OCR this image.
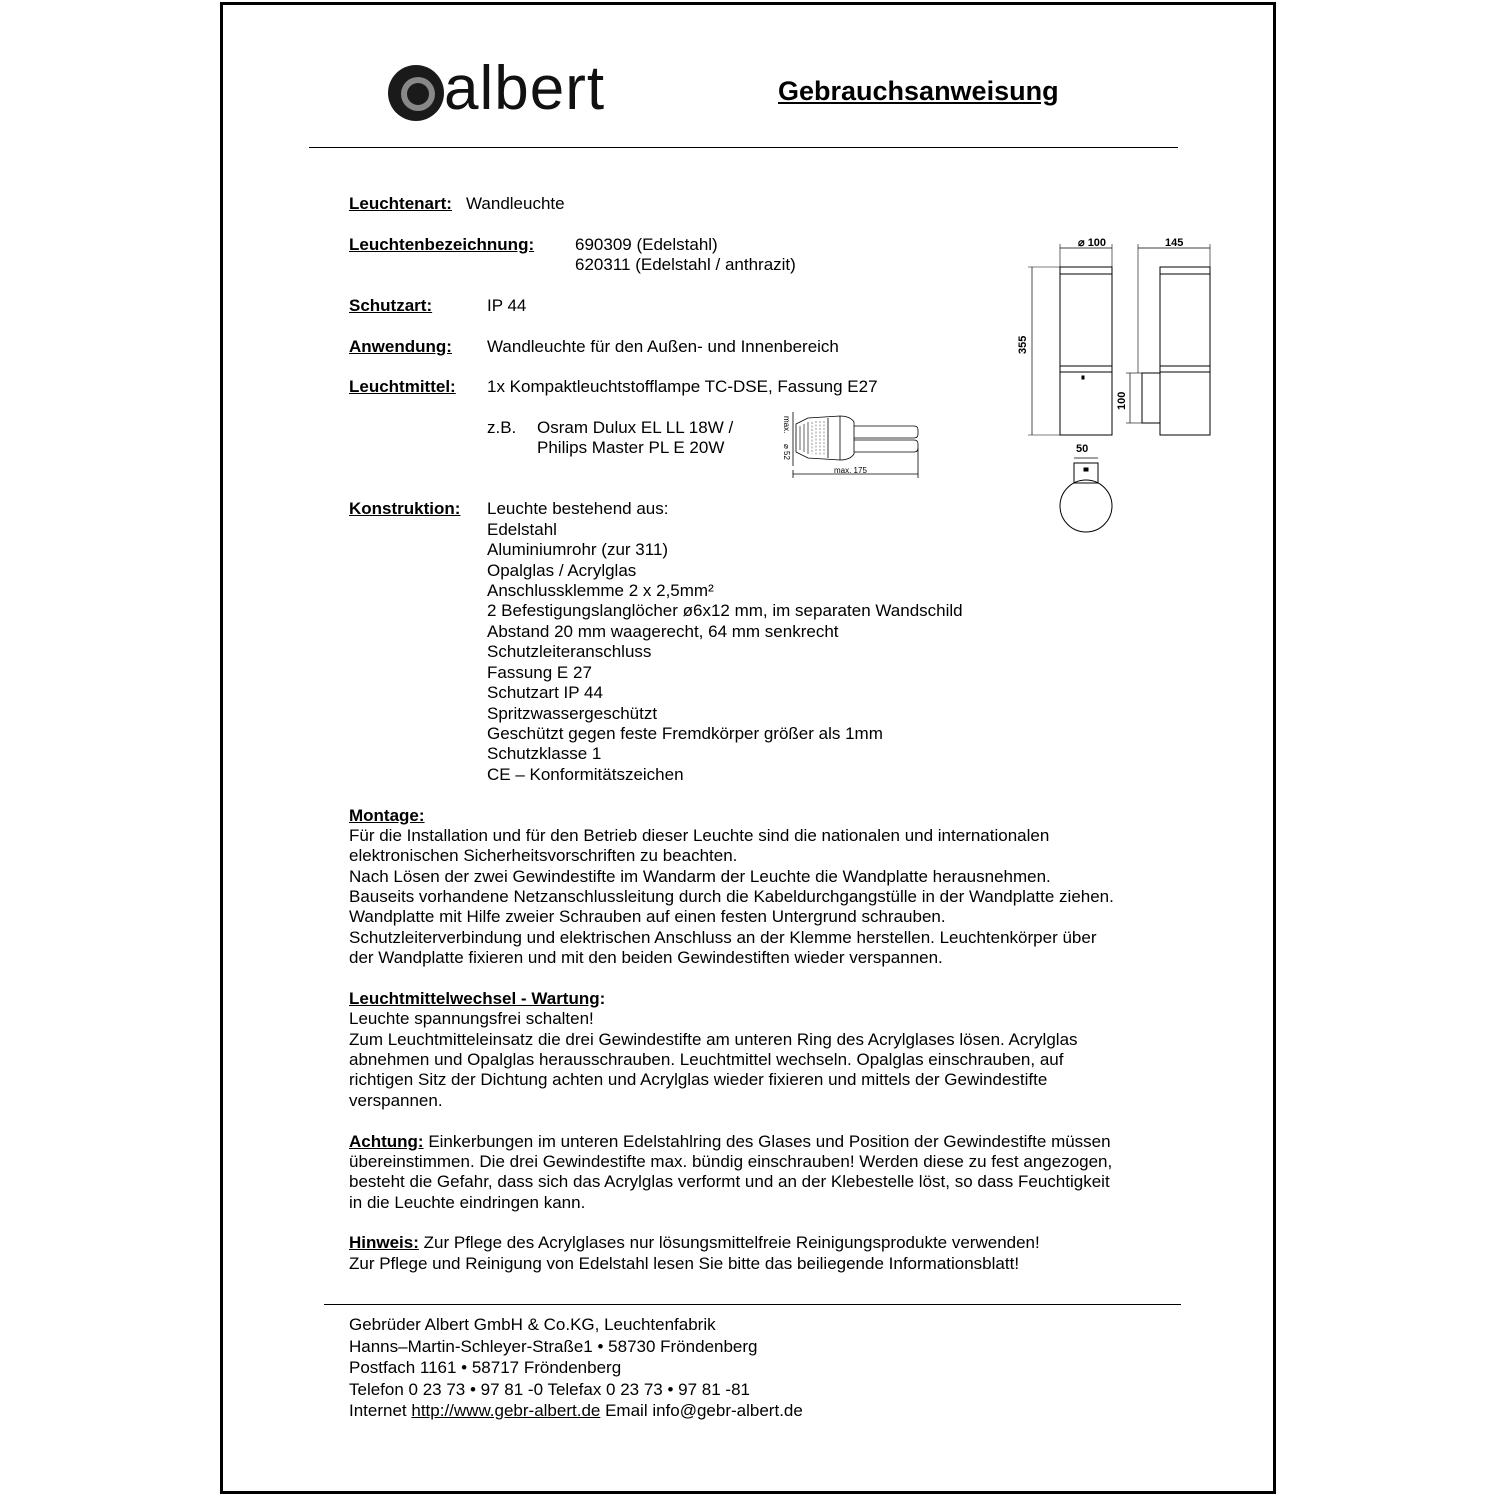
albert	Gebrauchsanweisung
Leuchtenart: Wandleuchte
Leuchtenbezeichnung: 690309 (Edelstahl)
620311 (Edelstahl / anthrazit)
Schutzart:	IP 44
Anwendung: Wandleuchte für den Außen- und Innenbereich
Leuchtmittel: 1x Kompaktleuchtstofflampe TC-DSE, Fassung E27
z.B. Osram Dulux EL LL 18W /
Philips Master PL E 20W
max.
⌀ 52
max. 175
⌀ 100	145
355
100
50
Konstruktion: Leuchte bestehend aus:
Edelstahl
Aluminiumrohr (zur 311)
Opalglas / Acrylglas
Anschlussklemme 2 x 2,5mm²
2 Befestigungslanglöcher ø6x12 mm, im separaten Wandschild
Abstand 20 mm waagerecht, 64 mm senkrecht
Schutzleiteranschluss
Fassung E 27
Schutzart IP 44
Spritzwassergeschützt
Geschützt gegen feste Fremdkörper größer als 1mm
Schutzklasse 1
CE – Konformitätszeichen
Montage:
Für die Installation und für den Betrieb dieser Leuchte sind die nationalen und internationalen
elektronischen Sicherheitsvorschriften zu beachten.
Nach Lösen der zwei Gewindestifte im Wandarm der Leuchte die Wandplatte herausnehmen.
Bauseits vorhandene Netzanschlussleitung durch die Kabeldurchgangstülle in der Wandplatte ziehen.
Wandplatte mit Hilfe zweier Schrauben auf einen festen Untergrund schrauben.
Schutzleiterverbindung und elektrischen Anschluss an der Klemme herstellen. Leuchtenkörper über
der Wandplatte fixieren und mit den beiden Gewindestiften wieder verspannen.
Leuchtmittelwechsel - Wartung:
Leuchte spannungsfrei schalten!
Zum Leuchtmitteleinsatz die drei Gewindestifte am unteren Ring des Acrylglases lösen. Acrylglas
abnehmen und Opalglas herausschrauben. Leuchtmittel wechseln. Opalglas einschrauben, auf
richtigen Sitz der Dichtung achten und Acrylglas wieder fixieren und mittels der Gewindestifte
verspannen.
Achtung: Einkerbungen im unteren Edelstahlring des Glases und Position der Gewindestifte müssen
übereinstimmen. Die drei Gewindestifte max. bündig einschrauben! Werden diese zu fest angezogen,
besteht die Gefahr, dass sich das Acrylglas verformt und an der Klebestelle löst, so dass Feuchtigkeit
in die Leuchte eindringen kann.
Hinweis: Zur Pflege des Acrylglases nur lösungsmittelfreie Reinigungsprodukte verwenden!
Zur Pflege und Reinigung von Edelstahl lesen Sie bitte das beiliegende Informationsblatt!
Gebrüder Albert GmbH & Co.KG, Leuchtenfabrik
Hanns–Martin-Schleyer-Straße1 • 58730 Fröndenberg
Postfach 1161 • 58717 Fröndenberg
Telefon 0 23 73 • 97 81 -0 Telefax 0 23 73 • 97 81 -81
Internet http://www.gebr-albert.de Email info@gebr-albert.de
